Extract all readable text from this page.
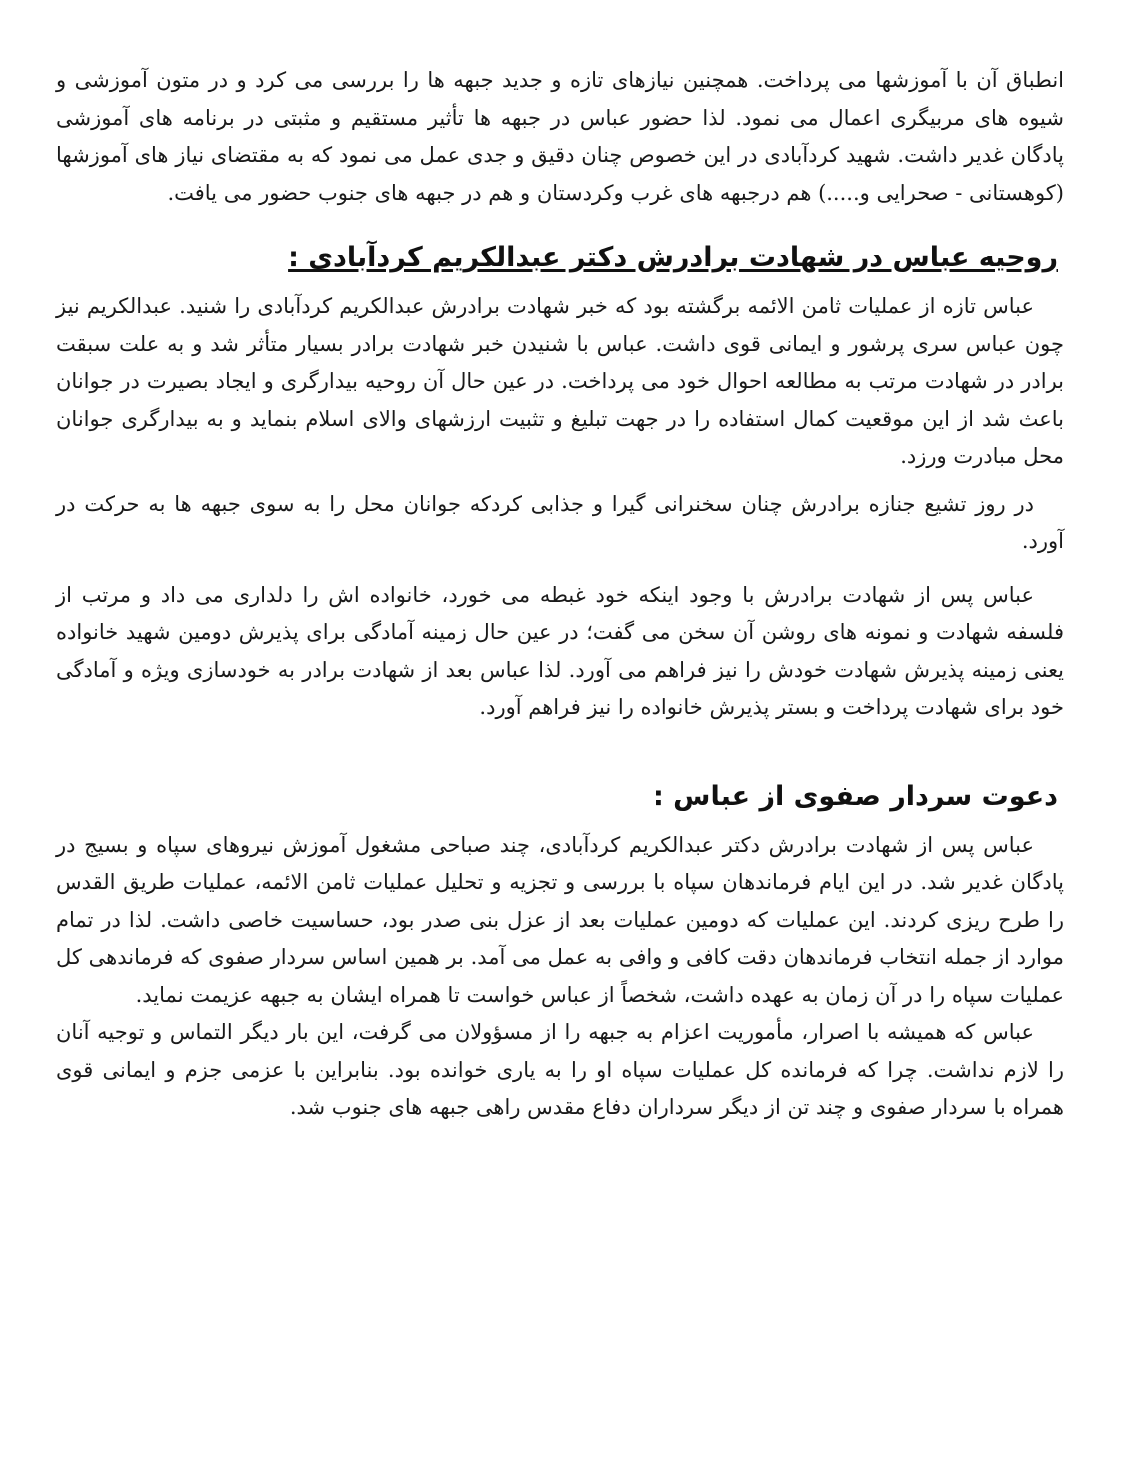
انطباق آن با آموزشها می پرداخت. همچنین نیازهای تازه و جدید جبهه ها را بررسی می کرد و در متون آموزشی و شیوه های مربیگری اعمال می نمود. لذا حضور عباس در جبهه ها تأثیر مستقیم و مثبتی در برنامه های آموزشی پادگان غدیر داشت. شهید کردآبادی در این خصوص چنان دقیق و جدی عمل می نمود که به مقتضای نیاز های آموزشها (کوهستانی - صحرایی و.....) هم درجبهه های غرب وکردستان و هم در جبهه های جنوب حضور می یافت.

روحیه عباس در شهادت برادرش دکتر عبدالکریم کردآبادی :

عباس تازه از عملیات ثامن الائمه برگشته بود که خبر شهادت برادرش عبدالکریم کردآبادی را شنید. عبدالکریم نیز چون عباس سری پرشور و ایمانی قوی داشت. عباس با شنیدن خبر شهادت برادر بسیار متأثر شد و به علت سبقت برادر در شهادت مرتب به مطالعه احوال خود می پرداخت. در عین حال آن روحیه بیدارگری و ایجاد بصیرت در جوانان باعث شد از این موقعیت کمال استفاده را در جهت تبلیغ و تثبیت ارزشهای والای اسلام بنماید و به بیدارگری جوانان محل مبادرت ورزد.

در روز تشیع جنازه برادرش چنان سخنرانی گیرا و جذابی کردکه جوانان محل را به سوی جبهه ها به حرکت در آورد.

عباس پس از شهادت برادرش با وجود اینکه خود غبطه می خورد، خانواده اش را دلداری می داد و مرتب از فلسفه شهادت و نمونه های روشن آن سخن می گفت؛ در عین حال زمینه آمادگی برای پذیرش دومین شهید خانواده یعنی زمینه پذیرش شهادت خودش را نیز فراهم می آورد. لذا عباس بعد از شهادت برادر به خودسازی ویژه و آمادگی خود برای شهادت پرداخت و بستر پذیرش خانواده را نیز فراهم آورد.

دعوت سردار صفوی از عباس :

عباس پس از شهادت برادرش دکتر عبدالکریم کردآبادی، چند صباحی مشغول آموزش نیروهای سپاه و بسیج در پادگان غدیر شد. در این ایام فرماندهان سپاه با بررسی و تجزیه و تحلیل عملیات ثامن الائمه، عملیات طریق القدس را طرح ریزی کردند. این عملیات که دومین عملیات بعد از عزل بنی صدر بود، حساسیت خاصی داشت. لذا در تمام موارد از جمله انتخاب فرماندهان دقت کافی و وافی به عمل می آمد. بر همین اساس سردار صفوی که فرماندهی کل عملیات سپاه را در آن زمان به عهده داشت، شخصاً از عباس خواست تا همراه ایشان به جبهه عزیمت نماید.

عباس که همیشه با اصرار، مأموریت اعزام به جبهه را از مسؤولان می گرفت، این بار دیگر التماس و توجیه آنان را لازم نداشت. چرا که فرمانده کل عملیات سپاه او را به یاری خوانده بود. بنابراین با عزمی جزم و ایمانی قوی همراه با سردار صفوی و چند تن از دیگر سرداران دفاع مقدس راهی جبهه های جنوب شد.
